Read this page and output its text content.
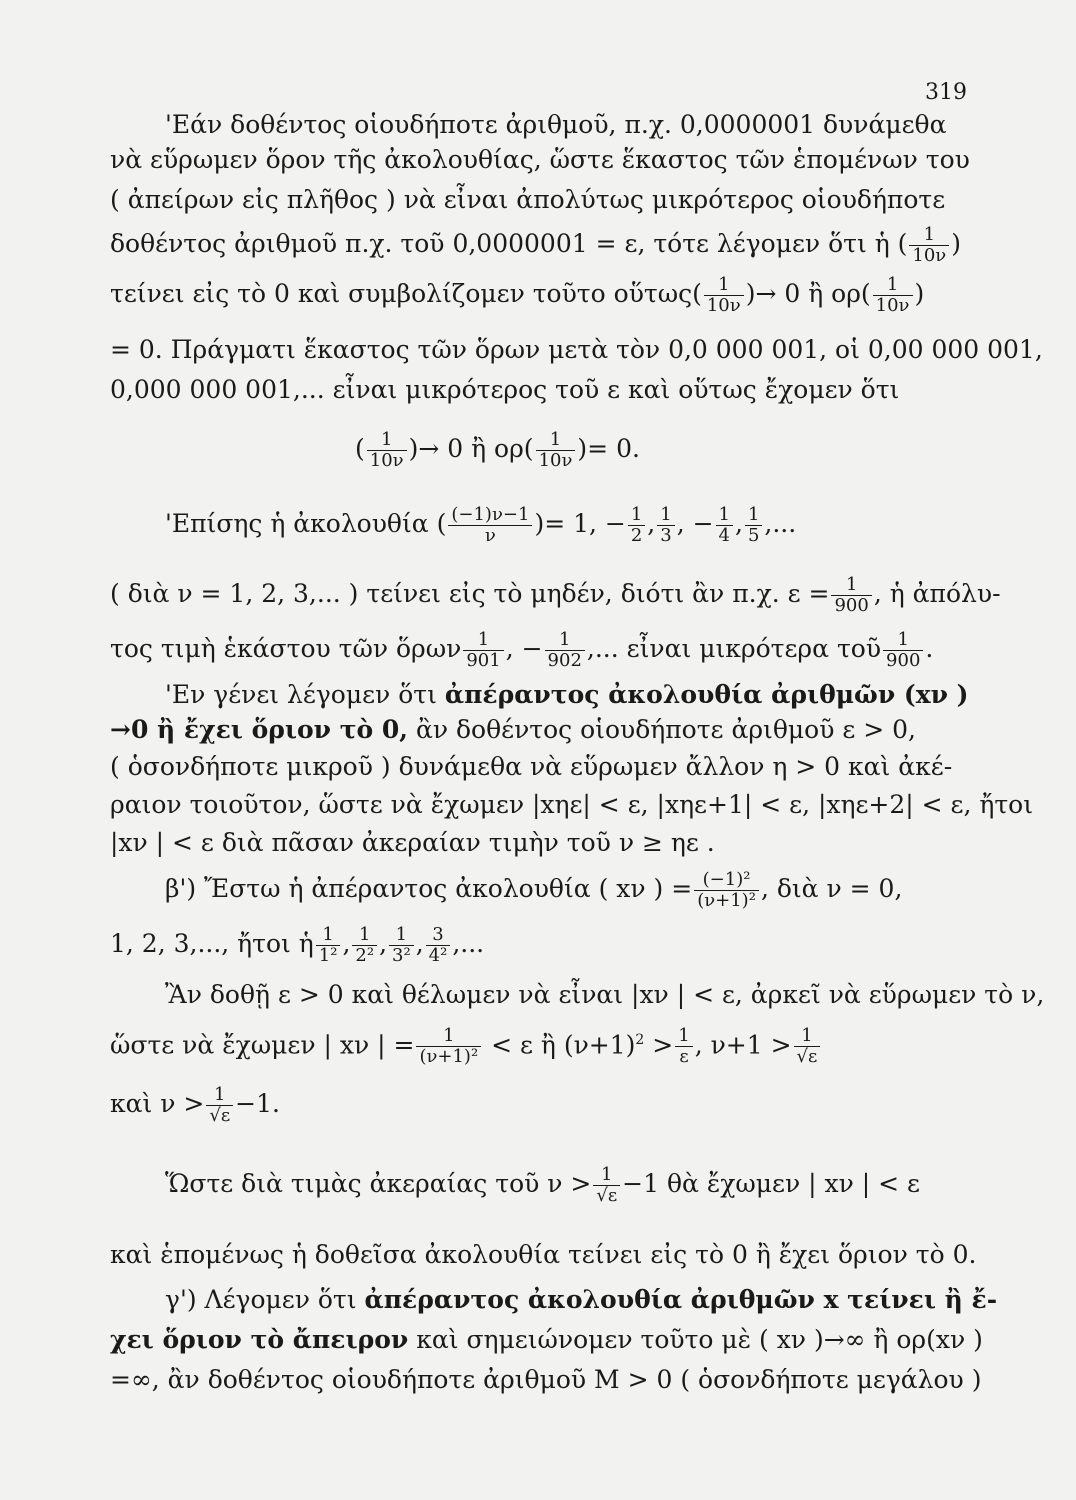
319
'Εάν δοθέντος οἱουδήποτε ἀριθμοῦ, π.χ. 0,0000001 δυνάμεθα
νὰ εὕρωμεν ὅρον τῆς ἀκολουθίας, ὥστε ἕκαστος τῶν ἑπομένων του
( ἀπείρων εἰς πλῆθος ) νὰ εἶναι ἀπολύτως μικρότερος οἱουδήποτε
δοθέντος ἀριθμοῦ π.χ. τοῦ 0,0000001 = ε, τότε λέγομεν ὅτι ἡ ( $\frac{1}{10\nu}$ )
τείνει εἰς τὸ 0 καὶ συμβολίζομεν τοῦτο οὕτως( $\frac{1}{10\nu}$ )→ 0 ἢ $o\rho( \frac{1}{10\nu}$ )
= 0. Πράγματι ἕκαστος τῶν ὅρων μετὰ τὸν 0,0 000 001, οἱ 0,00 000 001,
0,000 000 001,... εἶναι μικρότερος τοῦ ε καὶ οὕτως ἔχομεν ὅτι
( $\frac{1}{10\nu}$ )→ 0 ἢ $o\rho( \frac{1}{10\nu}$ )= 0.
'Επίσης ἡ ἀκολουθία ( $\frac{(-1)\nu-1}{\nu}$ )= 1, − $\frac{1}{2}$ , $\frac{1}{3}$ , − $\frac{1}{4}$ , $\frac{1}{5}$ ,...
( διὰ ν = 1, 2, 3,... ) τείνει εἰς τὸ μηδέν, διότι ἂν π.χ. $\varepsilon = \frac{1}{900}$ , ἡ ἀπόλυ-
τος τιμὴ ἑκάστου τῶν ὅρων $\frac{1}{901}$ , − $\frac{1}{902}$ ,... εἶναι μικρότερα τοῦ $\frac{1}{900}$ .
'Εν γένει λέγομεν ὅτι ἀπέραντος ἀκολουθία ἀριθμῶν (xν )
→0 ἢ ἔχει ὅριον τὸ 0, ἂν δοθέντος οἱουδήποτε ἀριθμοῦ ε > 0,
( ὁσονδήποτε μικροῦ ) δυνάμεθα νὰ εὕρωμεν ἄλλον η > 0 καὶ ἀκέ-
ραιον τοιοῦτον, ὥστε νὰ ἔχωμεν |xηε| < ε, |xηε+1| < ε, |xηε+2| < ε, ἤτοι
|xν | < ε διὰ πᾶσαν ἀκεραίαν τιμὴν τοῦ ν ≥ ηε .
β') Ἔστω ἡ ἀπέραντος ἀκολουθία ( xν ) = $\frac{\text{(−1)²}}{\text{(ν+1)²}}$ , διὰ ν = 0,
1, 2, 3,..., ἤτοι ἡ $\frac{1}{\text{1²}}$ , $\frac{1}{\text{2²}}$ , $\frac{1}{\text{3²}}$ , $\frac{3}{\text{4²}}$ ,...
Ἂν δοθῇ ε > 0 καὶ θέλωμεν νὰ εἶναι |xν | < ε, ἀρκεῖ νὰ εὕρωμεν τὸ ν,
ὥστε νὰ ἔχωμεν | xν | = $\frac{1}{\text{(ν+1)²}} < \varepsilon$ ἢ $(\nu+1)^2 > \frac{1}{\varepsilon}$ , $\nu+1 > \frac{1}{√\varepsilon}$
καὶ $\nu > \frac{1}{√\varepsilon} -1$.
Ὥστε διὰ τιμὰς ἀκεραίας τοῦ $\nu > \frac{1}{√\varepsilon} -1$ θὰ ἔχωμεν | xν | < ε
καὶ ἑπομένως ἡ δοθεῖσα ἀκολουθία τείνει εἰς τὸ 0 ἢ ἔχει ὅριον τὸ 0.
γ') Λέγομεν ὅτι ἀπέραντος ἀκολουθία ἀριθμῶν x τείνει ἢ ἔ-
χει ὅριον τὸ ἄπειρον καὶ σημειώνομεν τοῦτο μὲ ( xν )→∞ ἢ ορ(xν )
=∞, ἂν δοθέντος οἱουδήποτε ἀριθμοῦ M > 0 ( ὁσονδήποτε μεγάλου )
